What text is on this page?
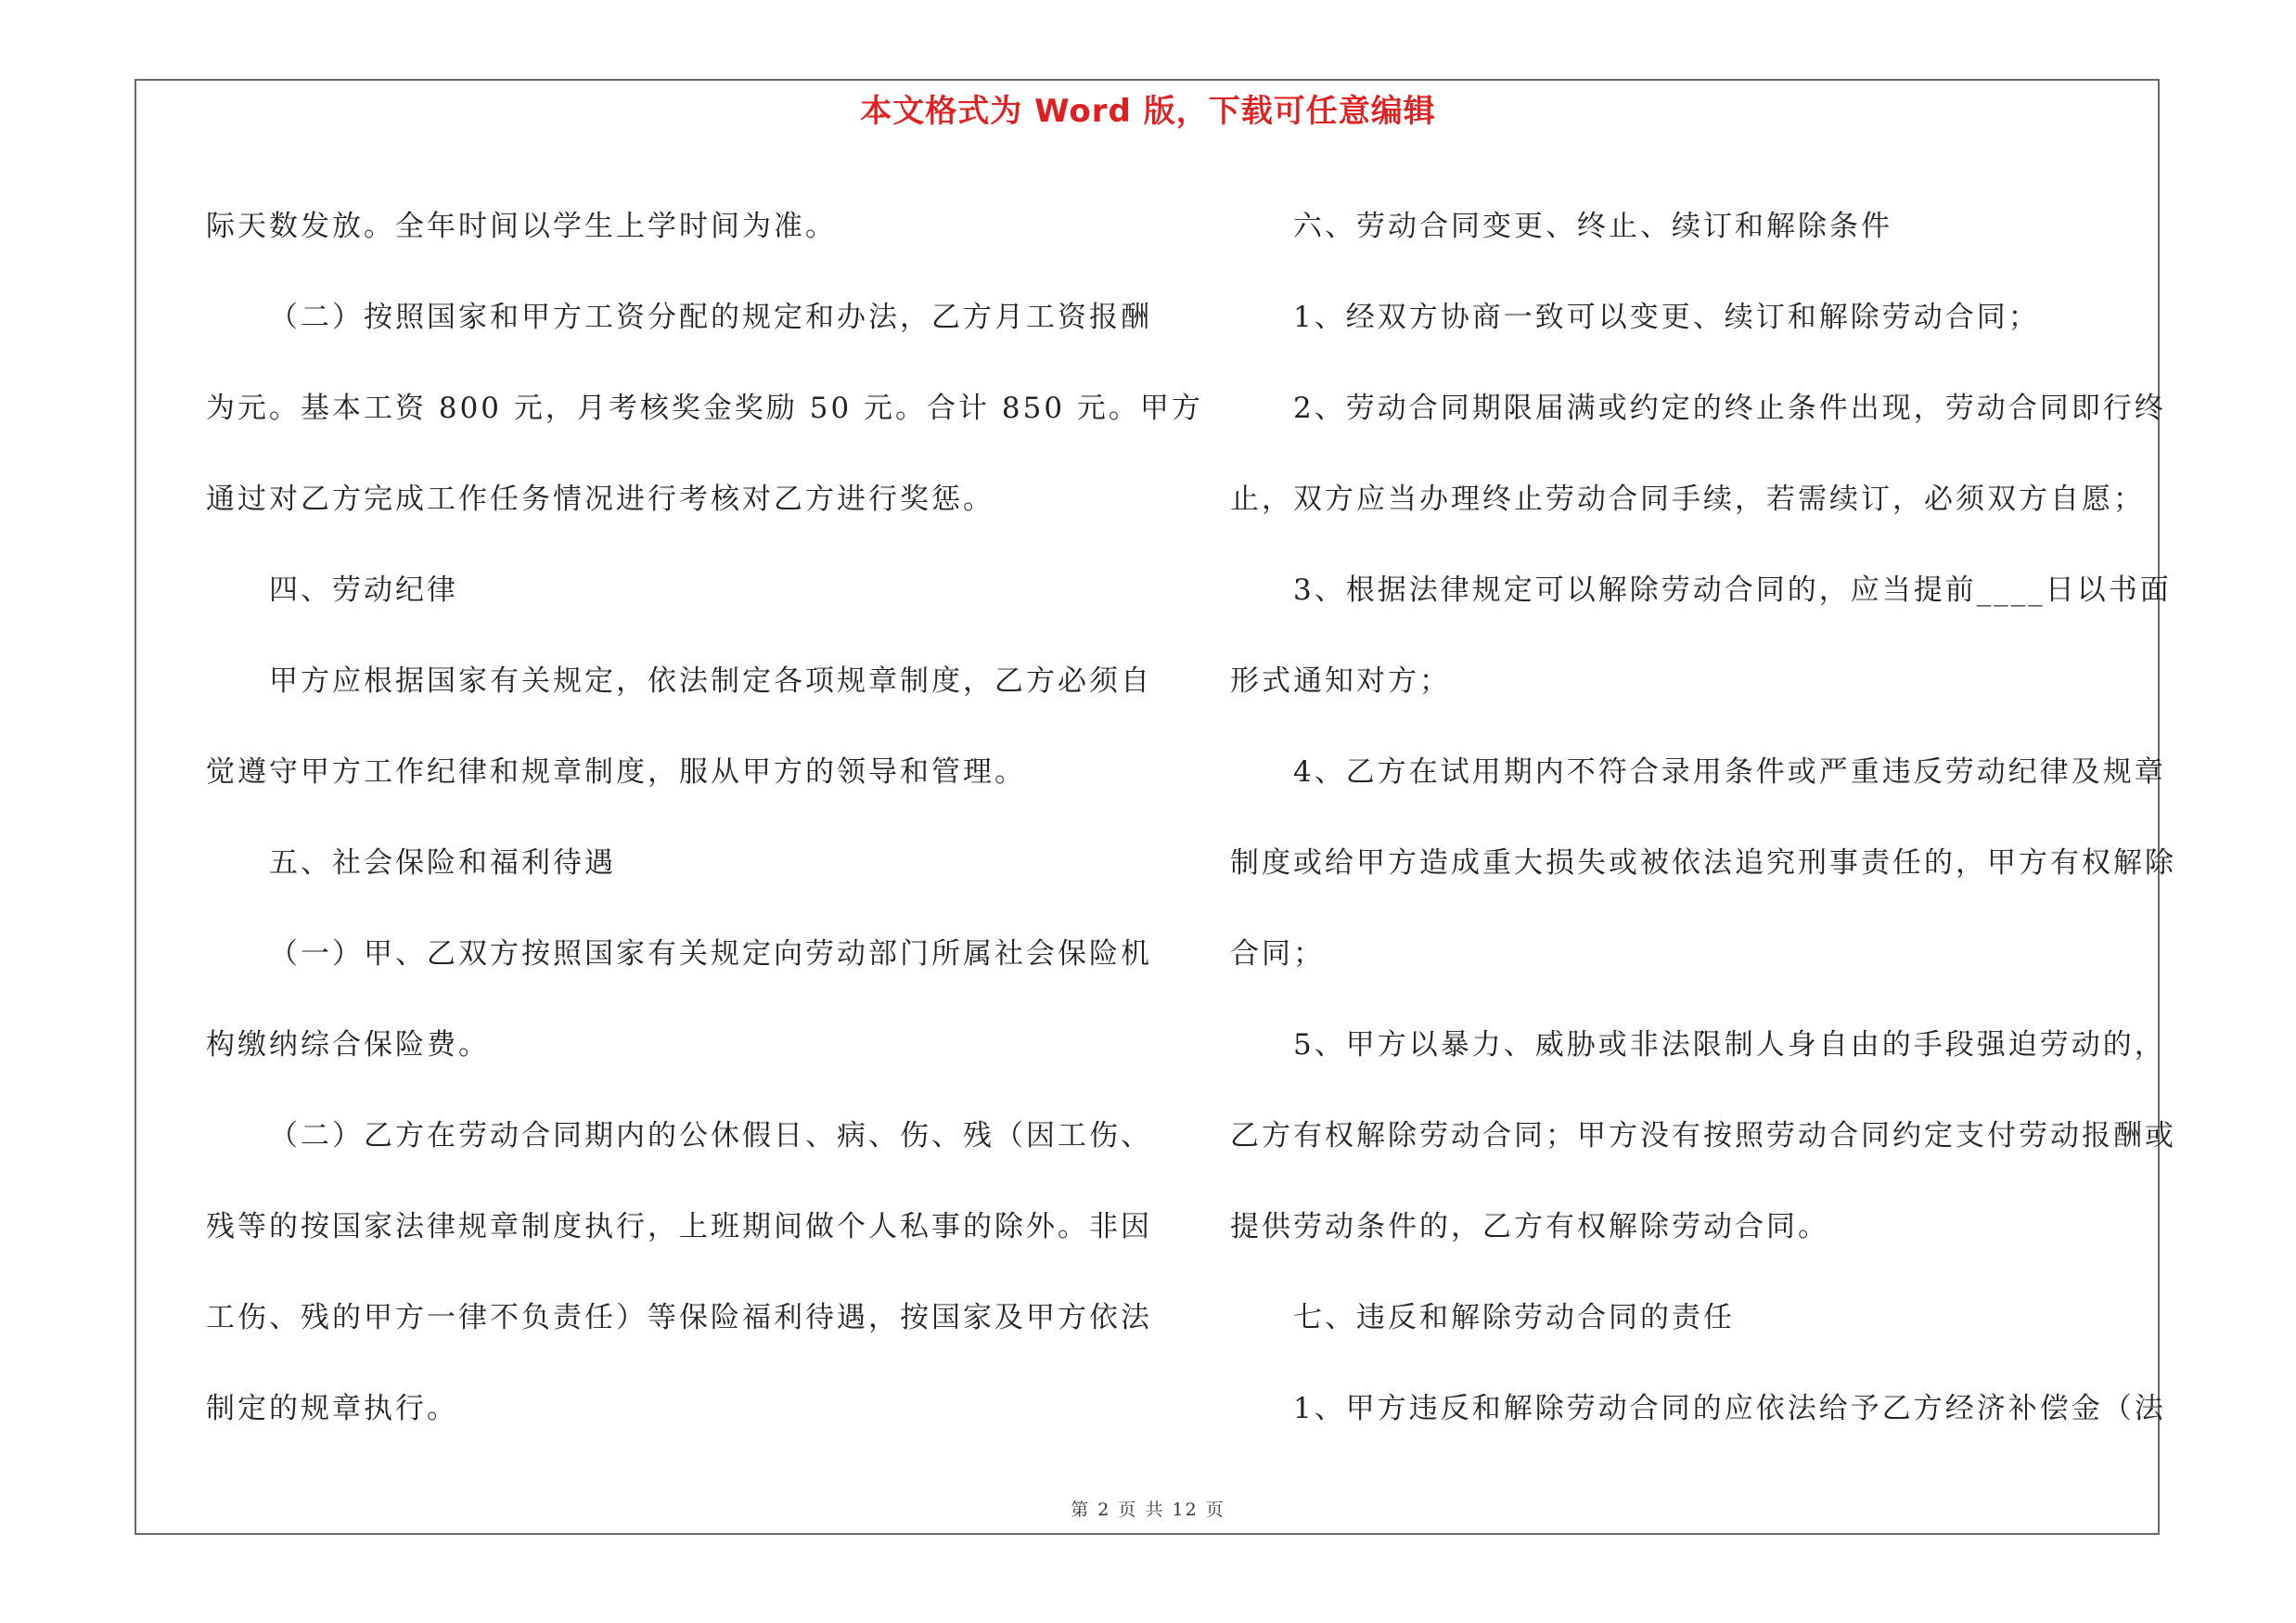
本文格式为 Word 版，下载可任意编辑
际天数发放。全年时间以学生上学时间为准。
（二）按照国家和甲方工资分配的规定和办法，乙方月工资报酬
为元。基本工资 800 元，月考核奖金奖励 50 元。合计 850 元。甲方
通过对乙方完成工作任务情况进行考核对乙方进行奖惩。
四、劳动纪律
甲方应根据国家有关规定，依法制定各项规章制度，乙方必须自
觉遵守甲方工作纪律和规章制度，服从甲方的领导和管理。
五、社会保险和福利待遇
（一）甲、乙双方按照国家有关规定向劳动部门所属社会保险机
构缴纳综合保险费。
（二）乙方在劳动合同期内的公休假日、病、伤、残（因工伤、
残等的按国家法律规章制度执行，上班期间做个人私事的除外。非因
工伤、残的甲方一律不负责任）等保险福利待遇，按国家及甲方依法
制定的规章执行。
六、劳动合同变更、终止、续订和解除条件
1、经双方协商一致可以变更、续订和解除劳动合同；
2、劳动合同期限届满或约定的终止条件出现，劳动合同即行终
止，双方应当办理终止劳动合同手续，若需续订，必须双方自愿；
3、根据法律规定可以解除劳动合同的，应当提前____日以书面
形式通知对方；
4、乙方在试用期内不符合录用条件或严重违反劳动纪律及规章
制度或给甲方造成重大损失或被依法追究刑事责任的，甲方有权解除
合同；
5、甲方以暴力、威胁或非法限制人身自由的手段强迫劳动的，
乙方有权解除劳动合同；甲方没有按照劳动合同约定支付劳动报酬或
提供劳动条件的，乙方有权解除劳动合同。
七、违反和解除劳动合同的责任
1、甲方违反和解除劳动合同的应依法给予乙方经济补偿金（法
第 2 页 共 12 页
